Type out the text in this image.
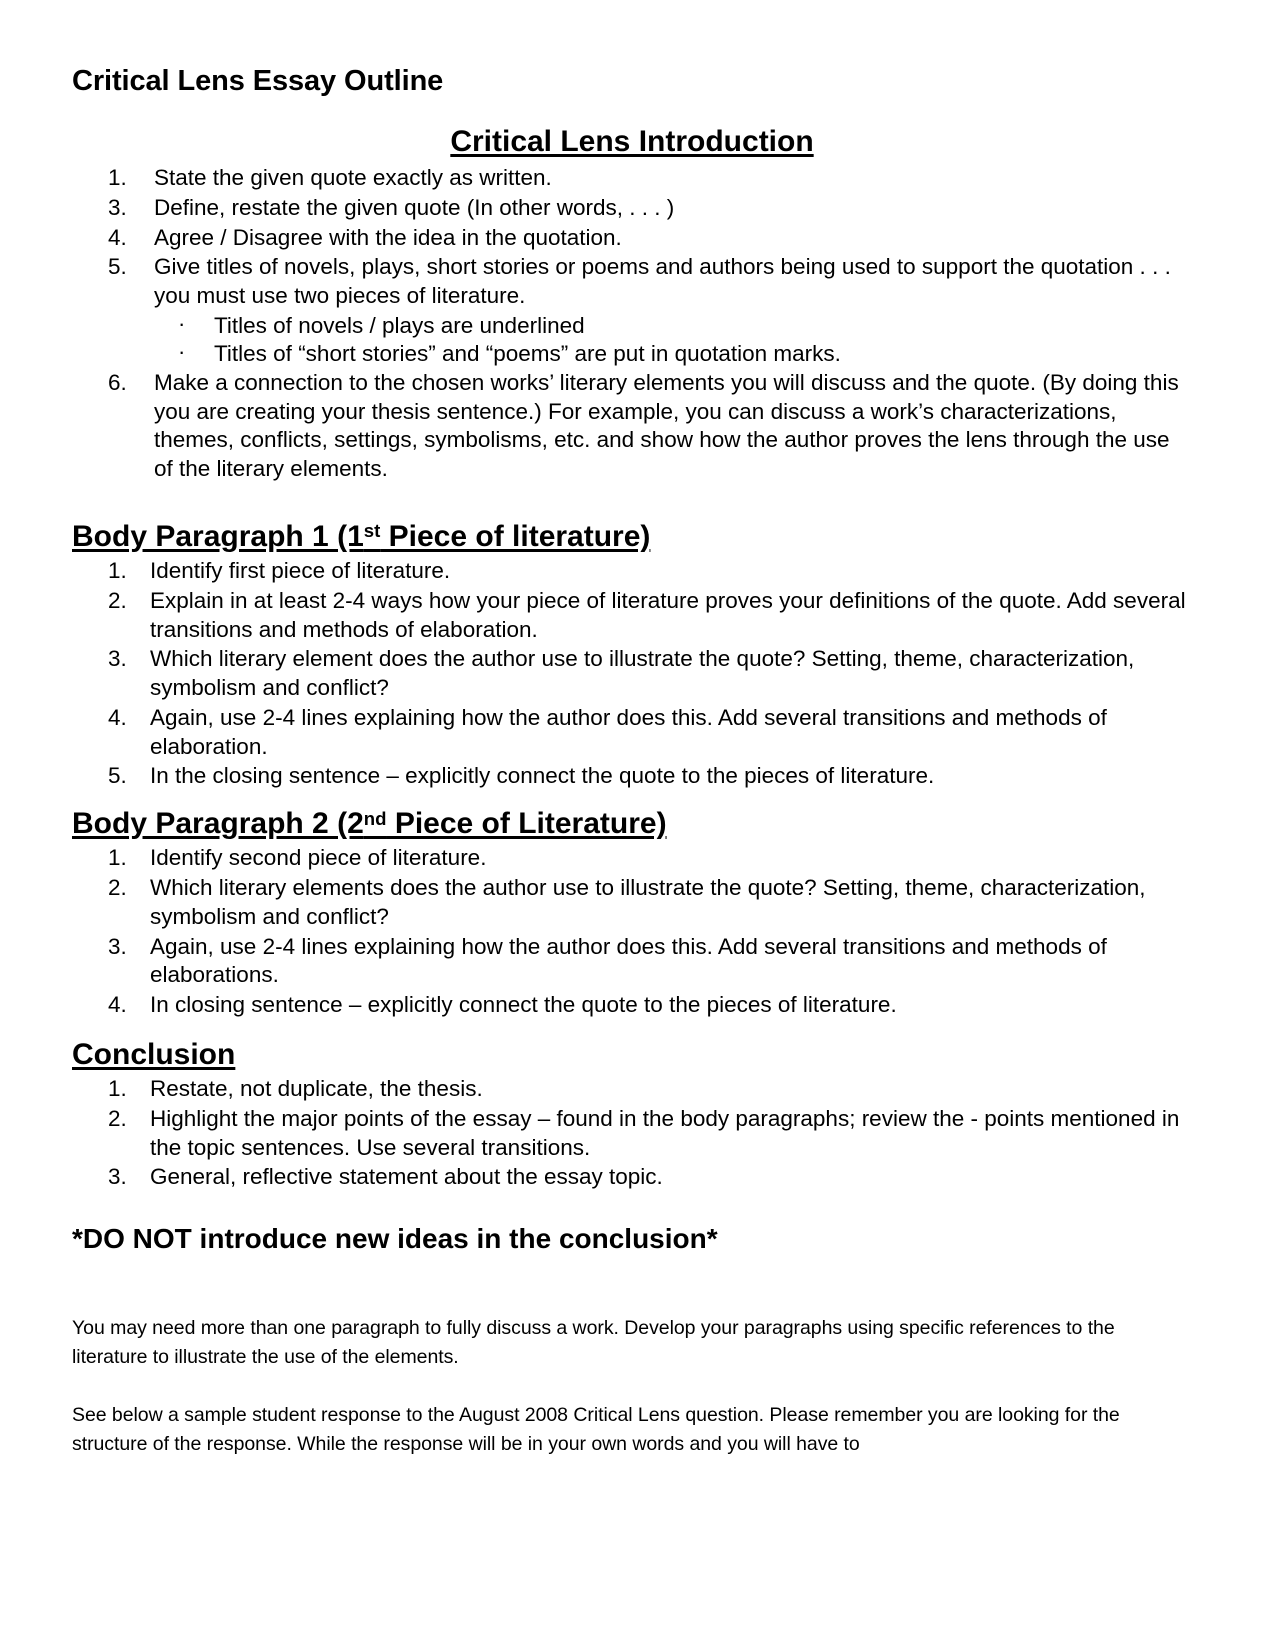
Critical Lens Essay Outline
Critical Lens Introduction
1.	State the given quote exactly as written.
3.	Define, restate the given quote (In other words, . . . )
4.	Agree / Disagree with the idea in the quotation.
5.	Give titles of novels, plays, short stories or poems and authors being used to support the quotation . . . you must use two pieces of literature.
· Titles of novels / plays are underlined
· Titles of “short stories” and “poems” are put in quotation marks.
6.	Make a connection to the chosen works’ literary elements you will discuss and the quote. (By doing this you are creating your thesis sentence.) For example, you can discuss a work’s characterizations, themes, conflicts, settings, symbolisms, etc. and show how the author proves the lens through the use of the literary elements.
Body Paragraph 1 (1st Piece of literature)
1.	Identify first piece of literature.
2.	Explain in at least 2-4 ways how your piece of literature proves your definitions of the quote. Add several transitions and methods of elaboration.
3.	Which literary element does the author use to illustrate the quote? Setting, theme, characterization, symbolism and conflict?
4.	Again, use 2-4 lines explaining how the author does this. Add several transitions and methods of elaboration.
5.	In the closing sentence – explicitly connect the quote to the pieces of literature.
Body Paragraph 2 (2nd Piece of Literature)
1.	Identify second piece of literature.
2.	Which literary elements does the author use to illustrate the quote? Setting, theme, characterization, symbolism and conflict?
3.	Again, use 2-4 lines explaining how the author does this. Add several transitions and methods of elaborations.
4.	In closing sentence – explicitly connect the quote to the pieces of literature.
Conclusion
1.	Restate, not duplicate, the thesis.
2.	Highlight the major points of the essay – found in the body paragraphs; review the - points mentioned in the topic sentences. Use several transitions.
3.	General, reflective statement about the essay topic.

*DO NOT introduce new ideas in the conclusion*

You may need more than one paragraph to fully discuss a work. Develop your paragraphs using specific references to the literature to illustrate the use of the elements.

See below a sample student response to the August 2008 Critical Lens question. Please remember you are looking for the structure of the response. While the response will be in your own words and you will have to
